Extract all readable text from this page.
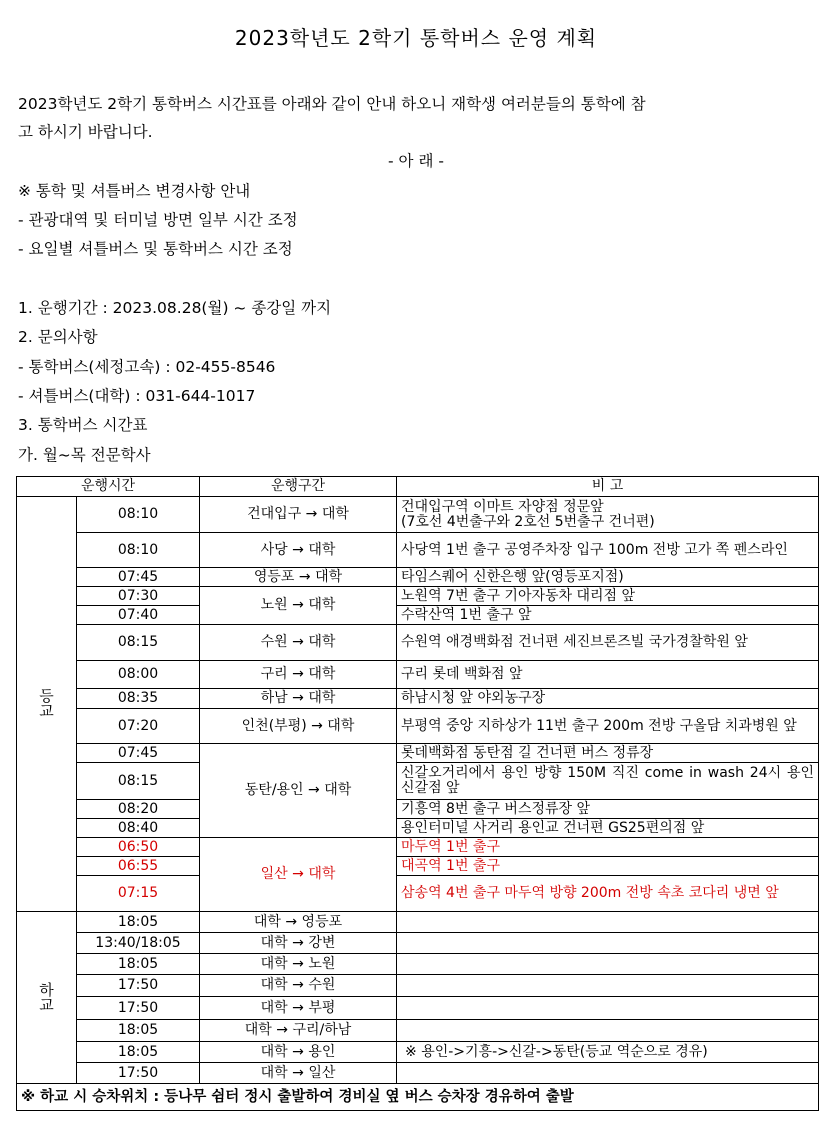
2023학년도 2학기 통학버스 운영 계획
2023학년도 2학기 통학버스 시간표를 아래와 같이 안내 하오니 재학생 여러분들의 통학에 참
고 하시기 바랍니다.
- 아 래 -
※ 통학 및 셔틀버스 변경사항 안내
- 관광대역 및 터미널 방면 일부 시간 조정
- 요일별 셔틀버스 및 통학버스 시간 조정
1. 운행기간 : 2023.08.28(월) ~ 종강일 까지
2. 문의사항
- 통학버스(세정고속) : 02-455-8546
- 셔틀버스(대학) : 031-644-1017
3. 통학버스 시간표
가. 월~목 전문학사
운행시간		운행구간	비 고
등
교	08:10	건대입구 → 대학	건대입구역 이마트 자양점 정문앞
(7호선 4번출구와 2호선 5번출구 건너편)
	08:10	사당 → 대학	사당역 1번 출구 공영주차장 입구 100m 전방 고가 쪽 펜스라인
	07:45	영등포 → 대학	타임스퀘어 신한은행 앞(영등포지점)
	07:30	노원 → 대학	노원역 7번 출구 기아자동차 대리점 앞
	07:40		수락산역 1번 출구 앞
	08:15	수원 → 대학	수원역 애경백화점 건너편 세진브론즈빌 국가경찰학원 앞
	08:00	구리 → 대학	구리 롯데 백화점 앞
	08:35	하남 → 대학	하남시청 앞 야외농구장
	07:20	인천(부평) → 대학	부평역 중앙 지하상가 11번 출구 200m 전방 구올담 치과병원 앞
	07:45	동탄/용인 → 대학	롯데백화점 동탄점 길 건너편 버스 정류장
	08:15		신갈오거리에서 용인 방향 150M 직진 come in wash 24시 용인 신갈점 앞
	08:20		기흥역 8번 출구 버스정류장 앞
	08:40		용인터미널 사거리 용인교 건너편 GS25편의점 앞
	06:50	일산 → 대학	마두역 1번 출구
	06:55		대곡역 1번 출구
	07:15		삼송역 4번 출구 마두역 방향 200m 전방 속초 코다리 냉면 앞
하
교	18:05	대학 → 영등포	
	13:40/18:05	대학 → 강변	
	18:05	대학 → 노원	
	17:50	대학 → 수원	
	17:50	대학 → 부평	
	18:05	대학 → 구리/하남	
	18:05	대학 → 용인	※ 용인->기흥->신갈->동탄(등교 역순으로 경유)
	17:50	대학 → 일산	
※ 하교 시 승차위치 : 등나무 쉼터 정시 출발하여 경비실 옆 버스 승차장 경유하여 출발			
